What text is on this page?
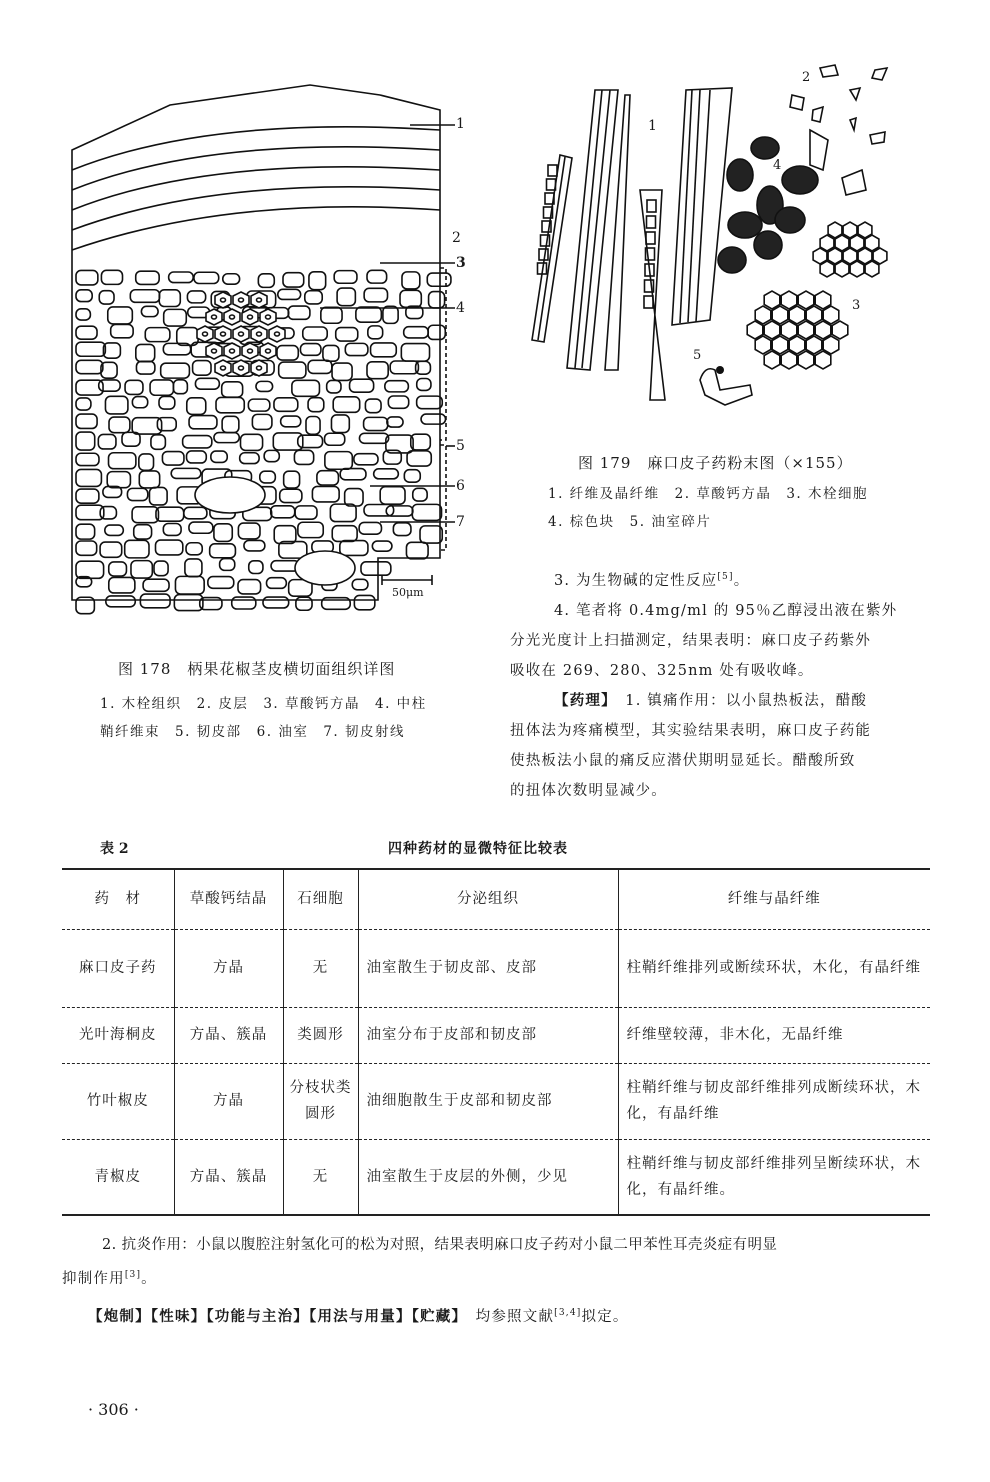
1
2
3
4
5
6
7
50μm
图 178　柄果花椒茎皮横切面组织详图
1. 木栓组织　2. 皮层　3. 草酸钙方晶　4. 中柱
鞘纤维束　5. 韧皮部　6. 油室　7. 韧皮射线
1
2
3
4
5
图 179　麻口皮子药粉末图（×155）
1. 纤维及晶纤维　2. 草酸钙方晶　3. 木栓细胞
4. 棕色块　5. 油室碎片
3. 为生物碱的定性反应[5]。
4. 笔者将 0.4mg/ml 的 95％乙醇浸出液在紫外
分光光度计上扫描测定，结果表明：麻口皮子药紫外
吸收在 269、280、325nm 处有吸收峰。
【药理】　 1. 镇痛作用：以小鼠热板法，醋酸
扭体法为疼痛模型，其实验结果表明，麻口皮子药能
使热板法小鼠的痛反应潜伏期明显延长。醋酸所致
的扭体次数明显减少。
表 2	四种药材的显微特征比较表
药　材	草酸钙结晶	石细胞	分泌组织	纤维与晶纤维
麻口皮子药	方晶	无	油室散生于韧皮部、皮部	柱鞘纤维排列或断续环状，木化，有晶纤维
光叶海桐皮	方晶、簇晶	类圆形	油室分布于皮部和韧皮部	纤维壁较薄，非木化，无晶纤维
竹叶椒皮	方晶	分枝状类圆形	油细胞散生于皮部和韧皮部	柱鞘纤维与韧皮部纤维排列成断续环状，木化，有晶纤维
青椒皮	方晶、簇晶	无	油室散生于皮层的外侧，少见	柱鞘纤维与韧皮部纤维排列呈断续环状，木化，有晶纤维。
2. 抗炎作用：小鼠以腹腔注射氢化可的松为对照，结果表明麻口皮子药对小鼠二甲苯性耳壳炎症有明显
抑制作用[3]。
【炮制】【性味】【功能与主治】【用法与用量】【贮藏】　 均参照文献[3,4]拟定。
· 306 ·
